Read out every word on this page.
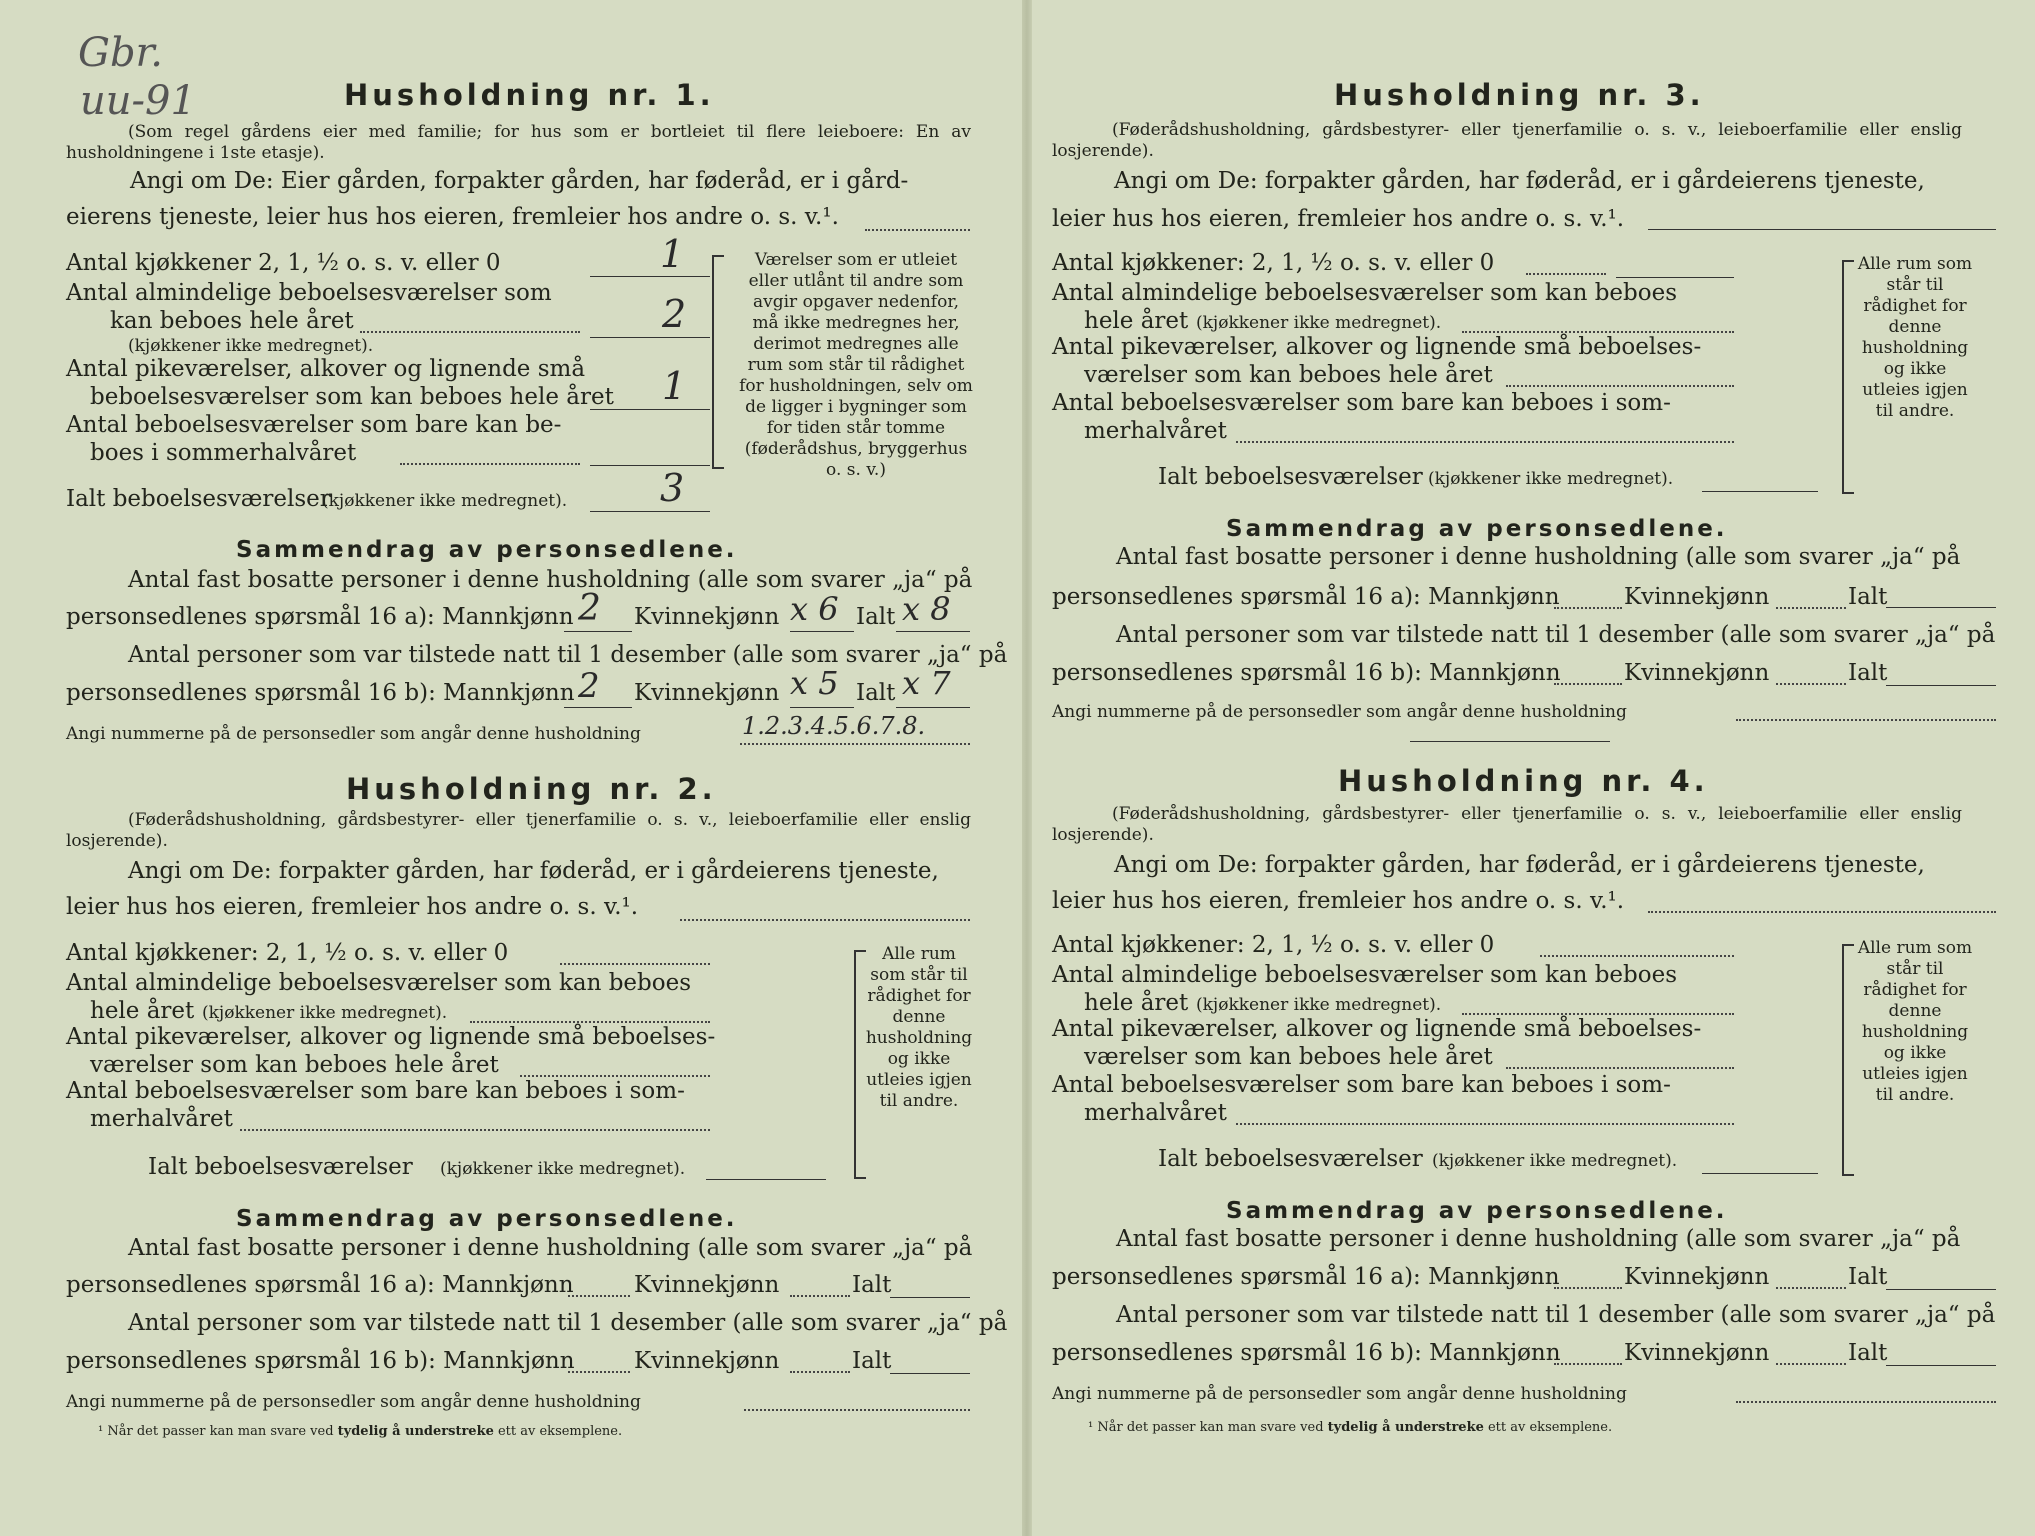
Gbr.
uu-91	Husholdning nr. 1.
(Som regel gårdens eier med familie; for hus som er bortleiet til flere leieboere: En av husholdningene i 1ste etasje).
Angi om De: Eier gården, forpakter gården, har føderåd, er i gård-
eierens tjeneste, leier hus hos eieren, fremleier hos andre o. s. v.¹.
Antal kjøkkener 2, 1, ½ o. s. v. eller 0	1
Antal almindelige beboelsesværelser som
kan beboes hele året
(kjøkkener ikke medregnet).
2
Antal pikeværelser, alkover og lignende små
beboelsesværelser som kan beboes hele året 1
Antal beboelsesværelser som bare kan be-
boes i sommerhalvåret
Ialt beboelsesværelser
(kjøkkener ikke medregnet). 3
Værelser som er utleiet eller utlånt til andre som avgir opgaver nedenfor, må ikke medregnes her, derimot medregnes alle rum som står til rådighet for husholdningen, selv om de ligger i bygninger som for tiden står tomme (føderådshus, bryggerhus o. s. v.)
Sammendrag av personsedlene.
Antal fast bosatte personer i denne husholdning (alle som svarer „ja“ på
personsedlenes spørsmål 16 a): Mannkjønn 2 Kvinnekjønn x 6 Ialt x 8
Antal personer som var tilstede natt til 1 desember (alle som svarer „ja“ på
personsedlenes spørsmål 16 b): Mannkjønn 2 Kvinnekjønn x 5 Ialt x 7
Angi nummerne på de personsedler som angår denne husholdning	1.2.3.4.5.6.7.8.
Husholdning nr. 2.
(Føderådshusholdning, gårdsbestyrer- eller tjenerfamilie o. s. v., leieboerfamilie eller enslig losjerende).
Angi om De: forpakter gården, har føderåd, er i gårdeierens tjeneste,
leier hus hos eieren, fremleier hos andre o. s. v.¹.
Antal kjøkkener: 2, 1, ½ o. s. v. eller 0
Antal almindelige beboelsesværelser som kan beboes
hele året (kjøkkener ikke medregnet).
Antal pikeværelser, alkover og lignende små beboelses-
værelser som kan beboes hele året
Antal beboelsesværelser som bare kan beboes i som-
merhalvåret
Ialt beboelsesværelser (kjøkkener ikke medregnet).
Alle rum som står til rådighet for denne husholdning og ikke utleies igjen til andre.
Sammendrag av personsedlene.
Antal fast bosatte personer i denne husholdning (alle som svarer „ja“ på
personsedlenes spørsmål 16 a): Mannkjønn	Kvinnekjønn	Ialt
Antal personer som var tilstede natt til 1 desember (alle som svarer „ja“ på
personsedlenes spørsmål 16 b): Mannkjønn	Kvinnekjønn	Ialt
Angi nummerne på de personsedler som angår denne husholdning
¹ Når det passer kan man svare ved tydelig å understreke ett av eksemplene.
Husholdning nr. 3.
(Føderådshusholdning, gårdsbestyrer- eller tjenerfamilie o. s. v., leieboerfamilie eller enslig losjerende).
Angi om De: forpakter gården, har føderåd, er i gårdeierens tjeneste,
leier hus hos eieren, fremleier hos andre o. s. v.¹.
Antal kjøkkener: 2, 1, ½ o. s. v. eller 0
Antal almindelige beboelsesværelser som kan beboes
hele året (kjøkkener ikke medregnet).
Antal pikeværelser, alkover og lignende små beboelses-
værelser som kan beboes hele året
Antal beboelsesværelser som bare kan beboes i som-
merhalvåret
Ialt beboelsesværelser (kjøkkener ikke medregnet).
Alle rum som står til rådighet for denne husholdning og ikke utleies igjen til andre.
Sammendrag av personsedlene.
Antal fast bosatte personer i denne husholdning (alle som svarer „ja“ på
personsedlenes spørsmål 16 a): Mannkjønn	Kvinnekjønn	Ialt
Antal personer som var tilstede natt til 1 desember (alle som svarer „ja“ på
personsedlenes spørsmål 16 b): Mannkjønn	Kvinnekjønn	Ialt
Angi nummerne på de personsedler som angår denne husholdning
Husholdning nr. 4.
(Føderådshusholdning, gårdsbestyrer- eller tjenerfamilie o. s. v., leieboerfamilie eller enslig losjerende).
Angi om De: forpakter gården, har føderåd, er i gårdeierens tjeneste,
leier hus hos eieren, fremleier hos andre o. s. v.¹.
Antal kjøkkener: 2, 1, ½ o. s. v. eller 0
Antal almindelige beboelsesværelser som kan beboes
hele året (kjøkkener ikke medregnet).
Antal pikeværelser, alkover og lignende små beboelses-
værelser som kan beboes hele året
Antal beboelsesværelser som bare kan beboes i som-
merhalvåret
Ialt beboelsesværelser (kjøkkener ikke medregnet).
Alle rum som står til rådighet for denne husholdning og ikke utleies igjen til andre.
Sammendrag av personsedlene.
Antal fast bosatte personer i denne husholdning (alle som svarer „ja“ på
personsedlenes spørsmål 16 a): Mannkjønn	Kvinnekjønn	Ialt
Antal personer som var tilstede natt til 1 desember (alle som svarer „ja“ på
personsedlenes spørsmål 16 b): Mannkjønn	Kvinnekjønn	Ialt
Angi nummerne på de personsedler som angår denne husholdning
¹ Når det passer kan man svare ved tydelig å understreke ett av eksemplene.
